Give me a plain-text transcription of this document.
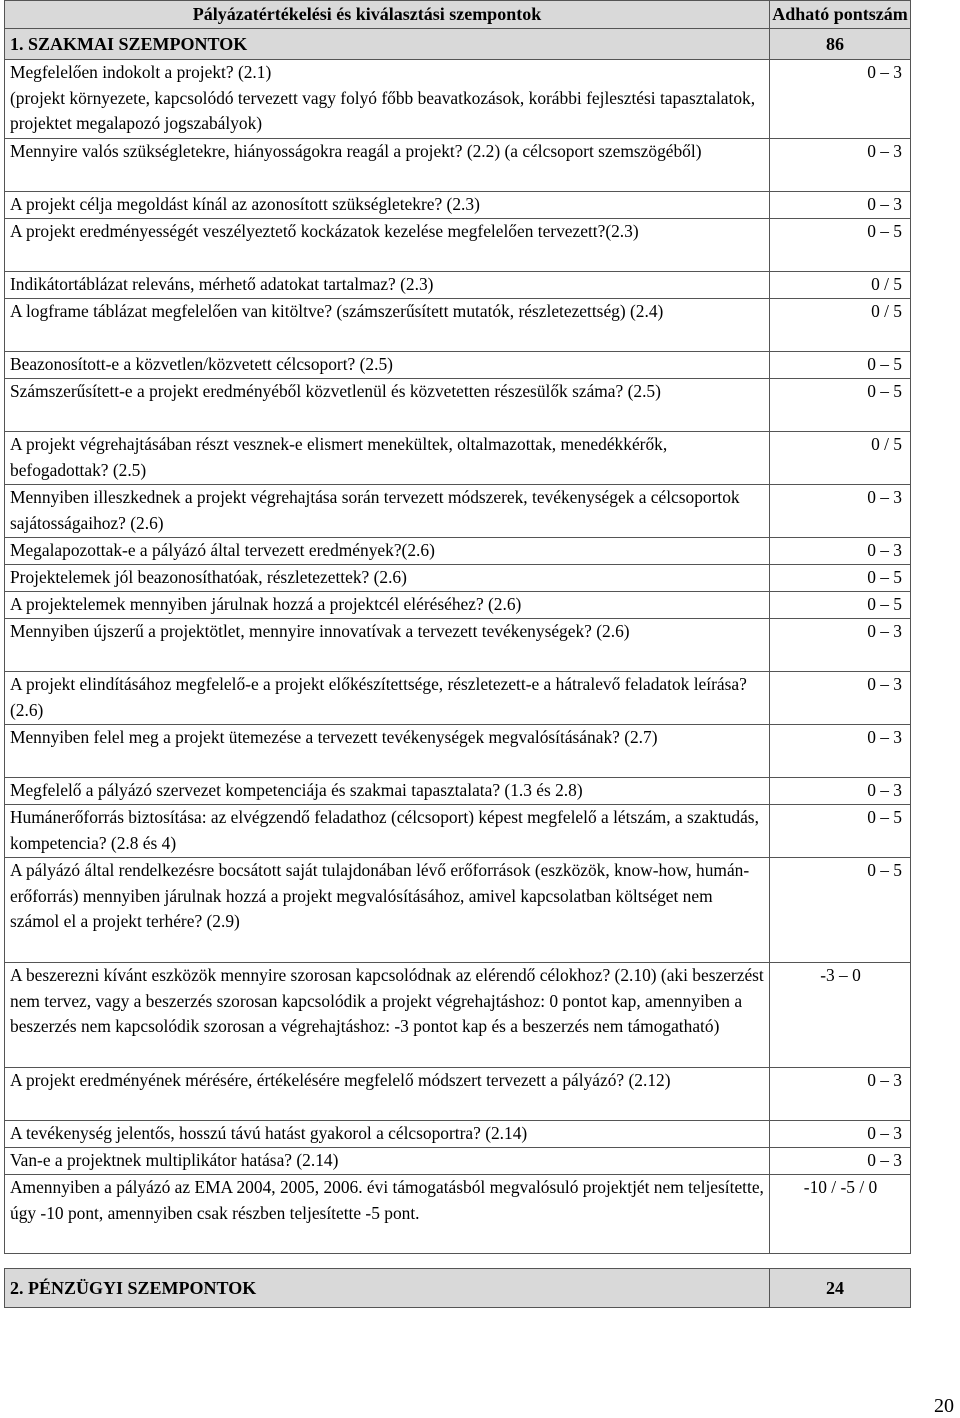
Pályázatértékelési és kiválasztási szempontok	Adható pontszám
1. SZAKMAI SZEMPONTOK	86
Megfelelően indokolt a projekt? (2.1)
(projekt környezete, kapcsolódó tervezett vagy folyó főbb beavatkozások, korábbi fejlesztési tapasztalatok, projektet megalapozó jogszabályok)	0 – 3
Mennyire valós szükségletekre, hiányosságokra reagál a projekt? (2.2) (a célcsoport szemszögéből)	0 – 3
A projekt célja megoldást kínál az azonosított szükségletekre? (2.3)	0 – 3
A projekt eredményességét veszélyeztető kockázatok kezelése megfelelően tervezett?(2.3)	0 – 5
Indikátortáblázat releváns, mérhető adatokat tartalmaz? (2.3)	0 / 5
A logframe táblázat megfelelően van kitöltve? (számszerűsített mutatók, részletezettség) (2.4)	0 / 5
Beazonosított-e a közvetlen/közvetett célcsoport? (2.5)	0 – 5
Számszerűsített-e a projekt eredményéből közvetlenül és közvetetten részesülők száma? (2.5)	0 – 5
A projekt végrehajtásában részt vesznek-e elismert menekültek, oltalmazottak, menedékkérők, befogadottak? (2.5)	0 / 5
Mennyiben illeszkednek a projekt végrehajtása során tervezett módszerek, tevékenységek a célcsoportok sajátosságaihoz? (2.6)	0 – 3
Megalapozottak-e a pályázó által tervezett eredmények?(2.6)	0 – 3
Projektelemek jól beazonosíthatóak, részletezettek? (2.6)	0 – 5
A projektelemek mennyiben járulnak hozzá a projektcél eléréséhez? (2.6)	0 – 5
Mennyiben újszerű a projektötlet, mennyire innovatívak a tervezett tevékenységek? (2.6)	0 – 3
A projekt elindításához megfelelő-e a projekt előkészítettsége, részletezett-e a hátralevő feladatok leírása? (2.6)	0 – 3
Mennyiben felel meg a projekt ütemezése a tervezett tevékenységek megvalósításának? (2.7)	0 – 3
Megfelelő a pályázó szervezet kompetenciája és szakmai tapasztalata? (1.3 és 2.8)	0 – 3
Humánerőforrás biztosítása: az elvégzendő feladathoz (célcsoport) képest megfelelő a létszám, a szaktudás, kompetencia? (2.8 és 4)	0 – 5
A pályázó által rendelkezésre bocsátott saját tulajdonában lévő erőforrások (eszközök, know-how, humán-erőforrás) mennyiben járulnak hozzá a projekt megvalósításához, amivel kapcsolatban költséget nem számol el a projekt terhére? (2.9)	0 – 5
A beszerezni kívánt eszközök mennyire szorosan kapcsolódnak az elérendő célokhoz? (2.10) (aki beszerzést nem tervez, vagy a beszerzés szorosan kapcsolódik a projekt végrehajtáshoz: 0 pontot kap, amennyiben a beszerzés nem kapcsolódik szorosan a végrehajtáshoz: -3 pontot kap és a beszerzés nem támogatható)	-3 – 0
A projekt eredményének mérésére, értékelésére megfelelő módszert tervezett a pályázó? (2.12)	0 – 3
A tevékenység jelentős, hosszú távú hatást gyakorol a célcsoportra? (2.14)	0 – 3
Van-e a projektnek multiplikátor hatása? (2.14)	0 – 3
Amennyiben a pályázó az EMA 2004, 2005, 2006. évi támogatásból megvalósuló projektjét nem teljesítette, úgy -10 pont, amennyiben csak részben teljesítette -5 pont.	-10 / -5 / 0

2. PÉNZÜGYI SZEMPONTOK	24
20
